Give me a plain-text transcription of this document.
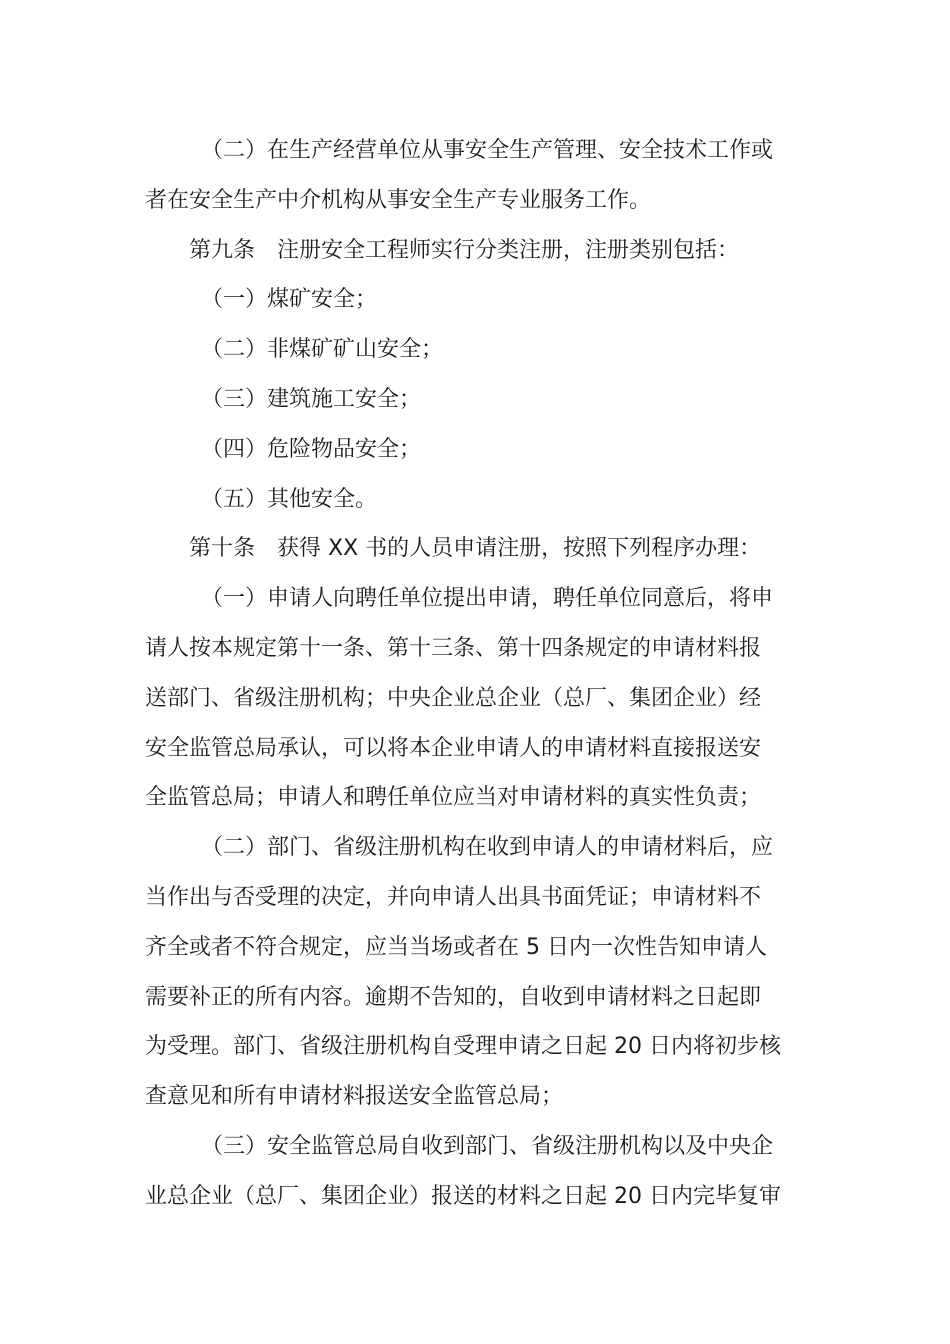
（二）在生产经营单位从事安全生产管理、安全技术工作或
者在安全生产中介机构从事安全生产专业服务工作。
第九条　注册安全工程师实行分类注册，注册类别包括：
（一）煤矿安全；
（二）非煤矿矿山安全；
（三）建筑施工安全；
（四）危险物品安全；
（五）其他安全。
第十条　获得 XX 书的人员申请注册，按照下列程序办理：
（一）申请人向聘任单位提出申请，聘任单位同意后，将申
请人按本规定第十一条、第十三条、第十四条规定的申请材料报
送部门、省级注册机构；中央企业总企业（总厂、集团企业）经
安全监管总局承认，可以将本企业申请人的申请材料直接报送安
全监管总局；申请人和聘任单位应当对申请材料的真实性负责；
（二）部门、省级注册机构在收到申请人的申请材料后，应
当作出与否受理的决定，并向申请人出具书面凭证；申请材料不
齐全或者不符合规定，应当当场或者在 5 日内一次性告知申请人
需要补正的所有内容。逾期不告知的，自收到申请材料之日起即
为受理。部门、省级注册机构自受理申请之日起 20 日内将初步核
查意见和所有申请材料报送安全监管总局；
（三）安全监管总局自收到部门、省级注册机构以及中央企
业总企业（总厂、集团企业）报送的材料之日起 20 日内完毕复审
